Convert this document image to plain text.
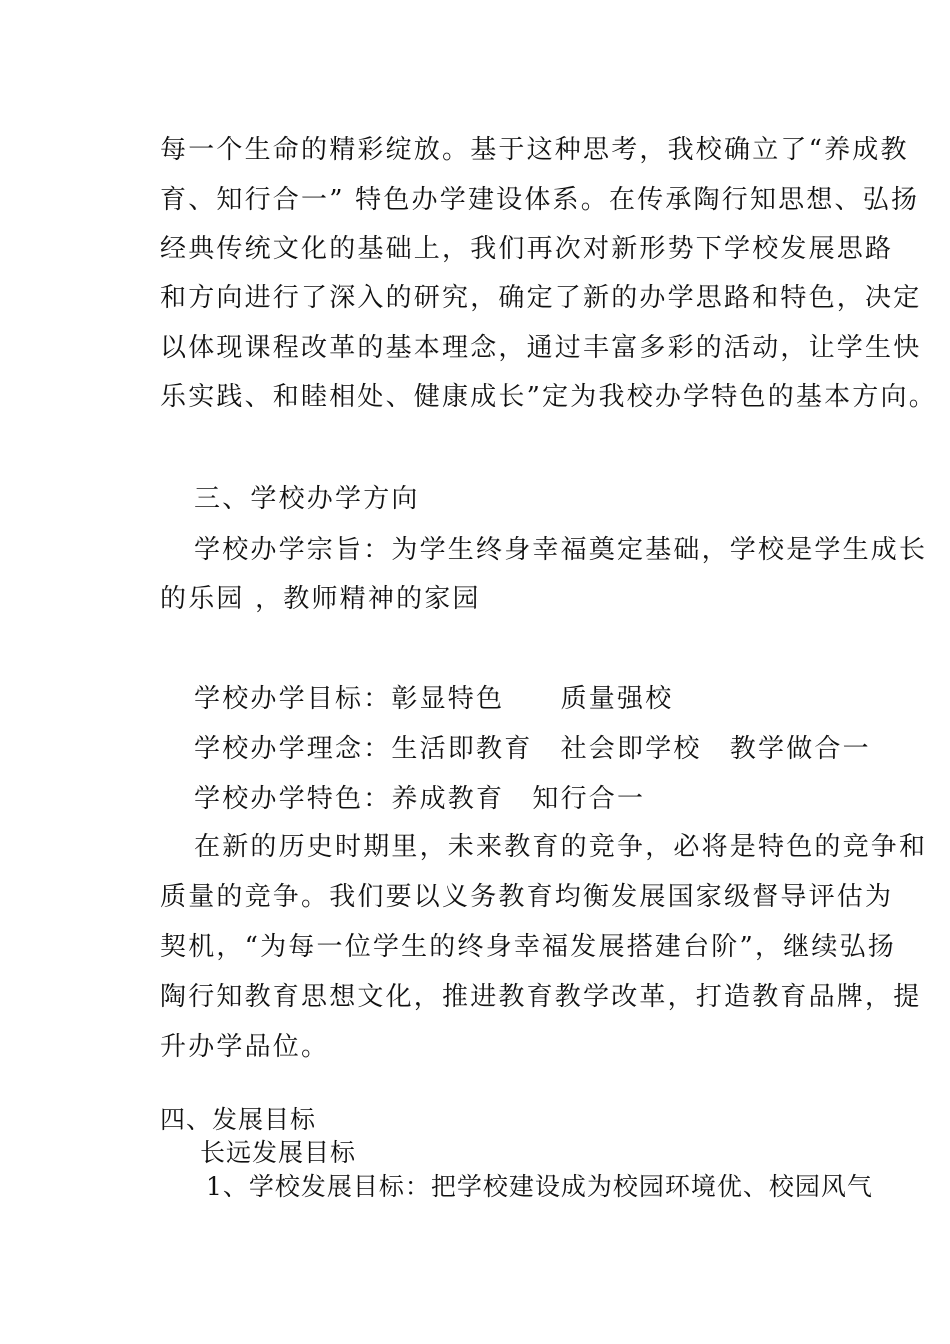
每一个生命的精彩绽放。基于这种思考，我校确立了“养成教
育、知行合一” 特色办学建设体系。在传承陶行知思想、弘扬
经典传统文化的基础上，我们再次对新形势下学校发展思路
和方向进行了深入的研究，确定了新的办学思路和特色，决定
以体现课程改革的基本理念，通过丰富多彩的活动，让学生快
乐实践、和睦相处、健康成长”定为我校办学特色的基本方向。
三、学校办学方向
学校办学宗旨：为学生终身幸福奠定基础，学校是学生成长
的乐园 ，教师精神的家园
学校办学目标：彰显特色　　质量强校
学校办学理念：生活即教育　社会即学校　教学做合一
学校办学特色：养成教育　知行合一
在新的历史时期里，未来教育的竞争，必将是特色的竞争和
质量的竞争。我们要以义务教育均衡发展国家级督导评估为
契机，“为每一位学生的终身幸福发展搭建台阶”，继续弘扬
陶行知教育思想文化，推进教育教学改革，打造教育品牌，提
升办学品位。
四、发展目标
长远发展目标
1、学校发展目标：把学校建设成为校园环境优、校园风气
